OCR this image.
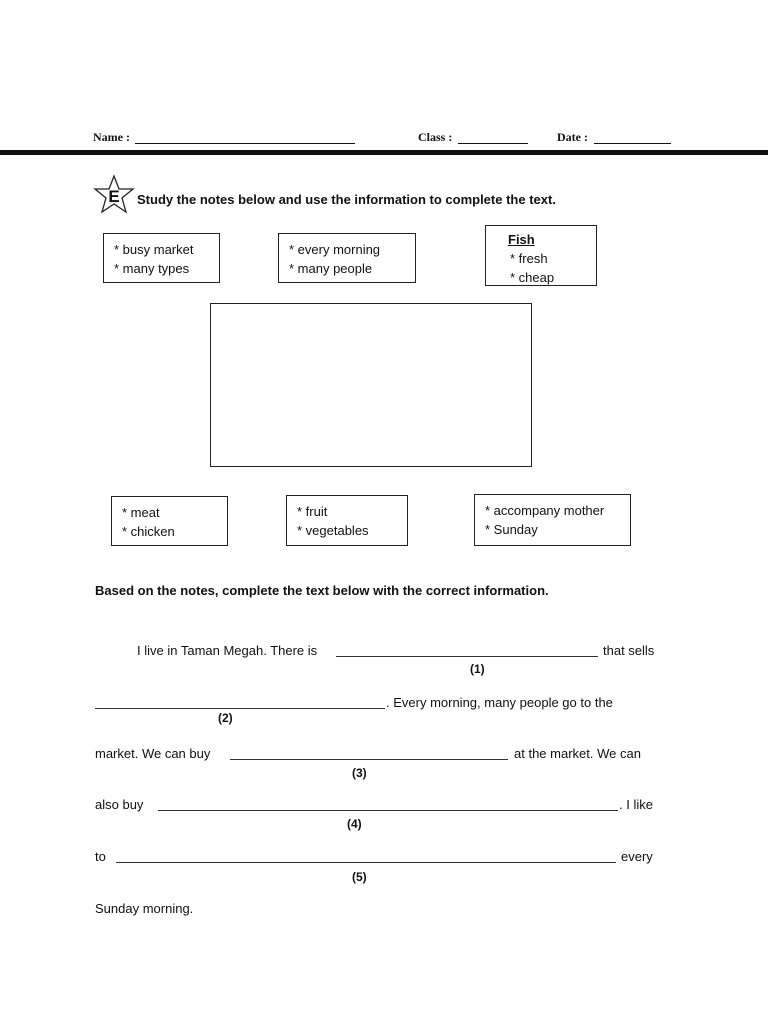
Name :	Class :	Date :
E Study the notes below and use the information to complete the text.
* busy market
* many types
* every morning
* many people
Fish
* fresh
* cheap
* meat
* chicken
* fruit
* vegetables
* accompany mother
* Sunday
Based on the notes, complete the text below with the correct information.
I live in Taman Megah. There is	that sells
(1)
. Every morning, many people go to the
(2)
market. We can buy	at the market. We can
(3)
also buy	. I like
(4)
to	every
(5)
Sunday morning.
